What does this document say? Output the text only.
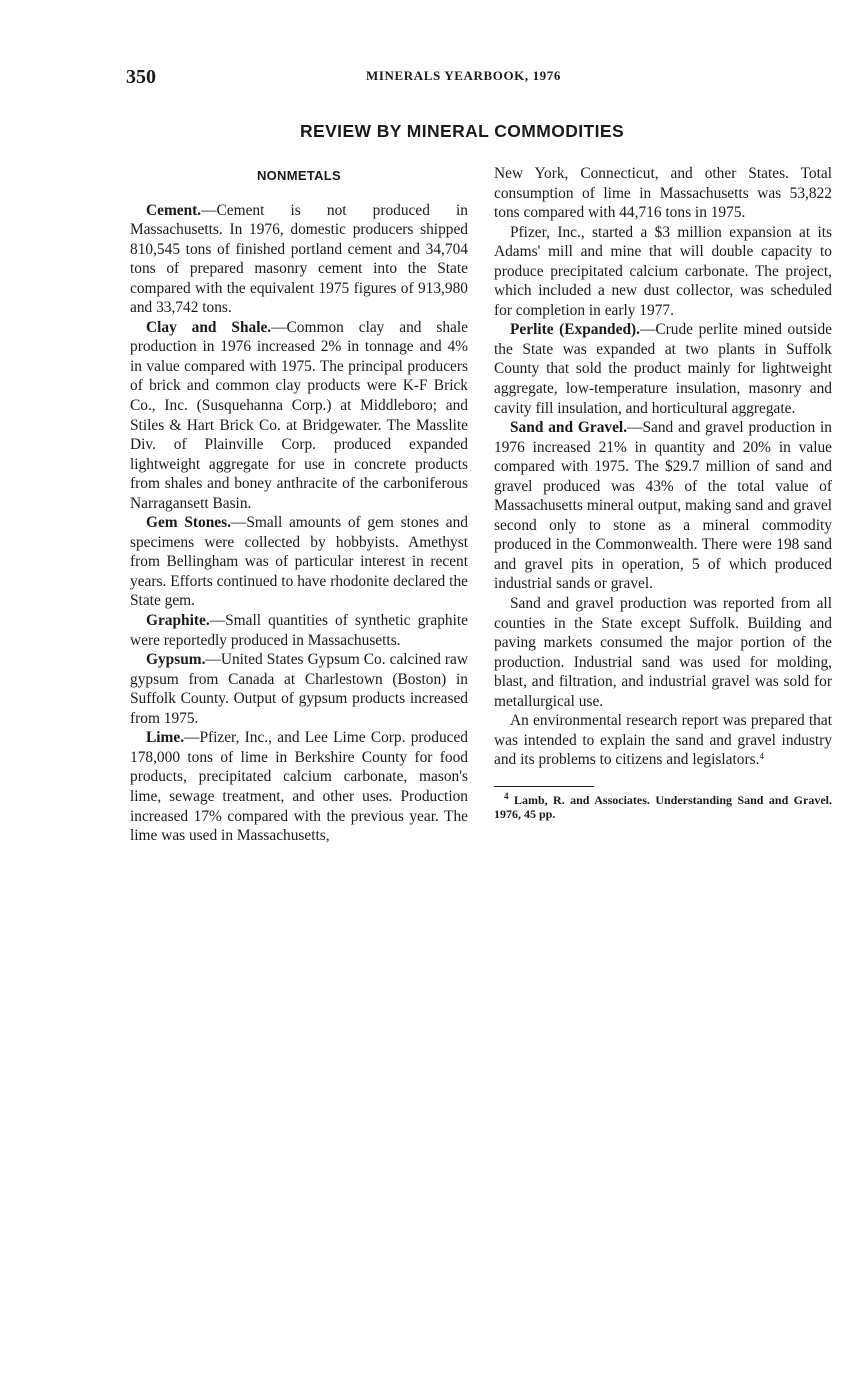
350	MINERALS YEARBOOK, 1976
REVIEW BY MINERAL COMMODITIES
NONMETALS

Cement.—Cement is not produced in Massachusetts. In 1976, domestic producers shipped 810,545 tons of finished portland cement and 34,704 tons of prepared masonry cement into the State compared with the equivalent 1975 figures of 913,980 and 33,742 tons.

Clay and Shale.—Common clay and shale production in 1976 increased 2% in tonnage and 4% in value compared with 1975. The principal producers of brick and common clay products were K-F Brick Co., Inc. (Susquehanna Corp.) at Middleboro; and Stiles & Hart Brick Co. at Bridgewater. The Masslite Div. of Plainville Corp. produced expanded lightweight aggregate for use in concrete products from shales and boney anthracite of the carboniferous Narragansett Basin.

Gem Stones.—Small amounts of gem stones and specimens were collected by hobbyists. Amethyst from Bellingham was of particular interest in recent years. Efforts continued to have rhodonite declared the State gem.

Graphite.—Small quantities of synthetic graphite were reportedly produced in Massachusetts.

Gypsum.—United States Gypsum Co. calcined raw gypsum from Canada at Charlestown (Boston) in Suffolk County. Output of gypsum products increased from 1975.

Lime.—Pfizer, Inc., and Lee Lime Corp. produced 178,000 tons of lime in Berkshire County for food products, precipitated calcium carbonate, mason's lime, sewage treatment, and other uses. Production increased 17% compared with the previous year. The lime was used in Massachusetts,

New York, Connecticut, and other States. Total consumption of lime in Massachusetts was 53,822 tons compared with 44,716 tons in 1975.

Pfizer, Inc., started a $3 million expansion at its Adams' mill and mine that will double capacity to produce precipitated calcium carbonate. The project, which included a new dust collector, was scheduled for completion in early 1977.

Perlite (Expanded).—Crude perlite mined outside the State was expanded at two plants in Suffolk County that sold the product mainly for lightweight aggregate, low-temperature insulation, masonry and cavity fill insulation, and horticultural aggregate.

Sand and Gravel.—Sand and gravel production in 1976 increased 21% in quantity and 20% in value compared with 1975. The $29.7 million of sand and gravel produced was 43% of the total value of Massachusetts mineral output, making sand and gravel second only to stone as a mineral commodity produced in the Commonwealth. There were 198 sand and gravel pits in operation, 5 of which produced industrial sands or gravel.

Sand and gravel production was reported from all counties in the State except Suffolk. Building and paving markets consumed the major portion of the production. Industrial sand was used for molding, blast, and filtration, and industrial gravel was sold for metallurgical use.

An environmental research report was prepared that was intended to explain the sand and gravel industry and its problems to citizens and legislators.$^4$

$^4$ Lamb, R. and Associates. Understanding Sand and Gravel. 1976, 45 pp.
